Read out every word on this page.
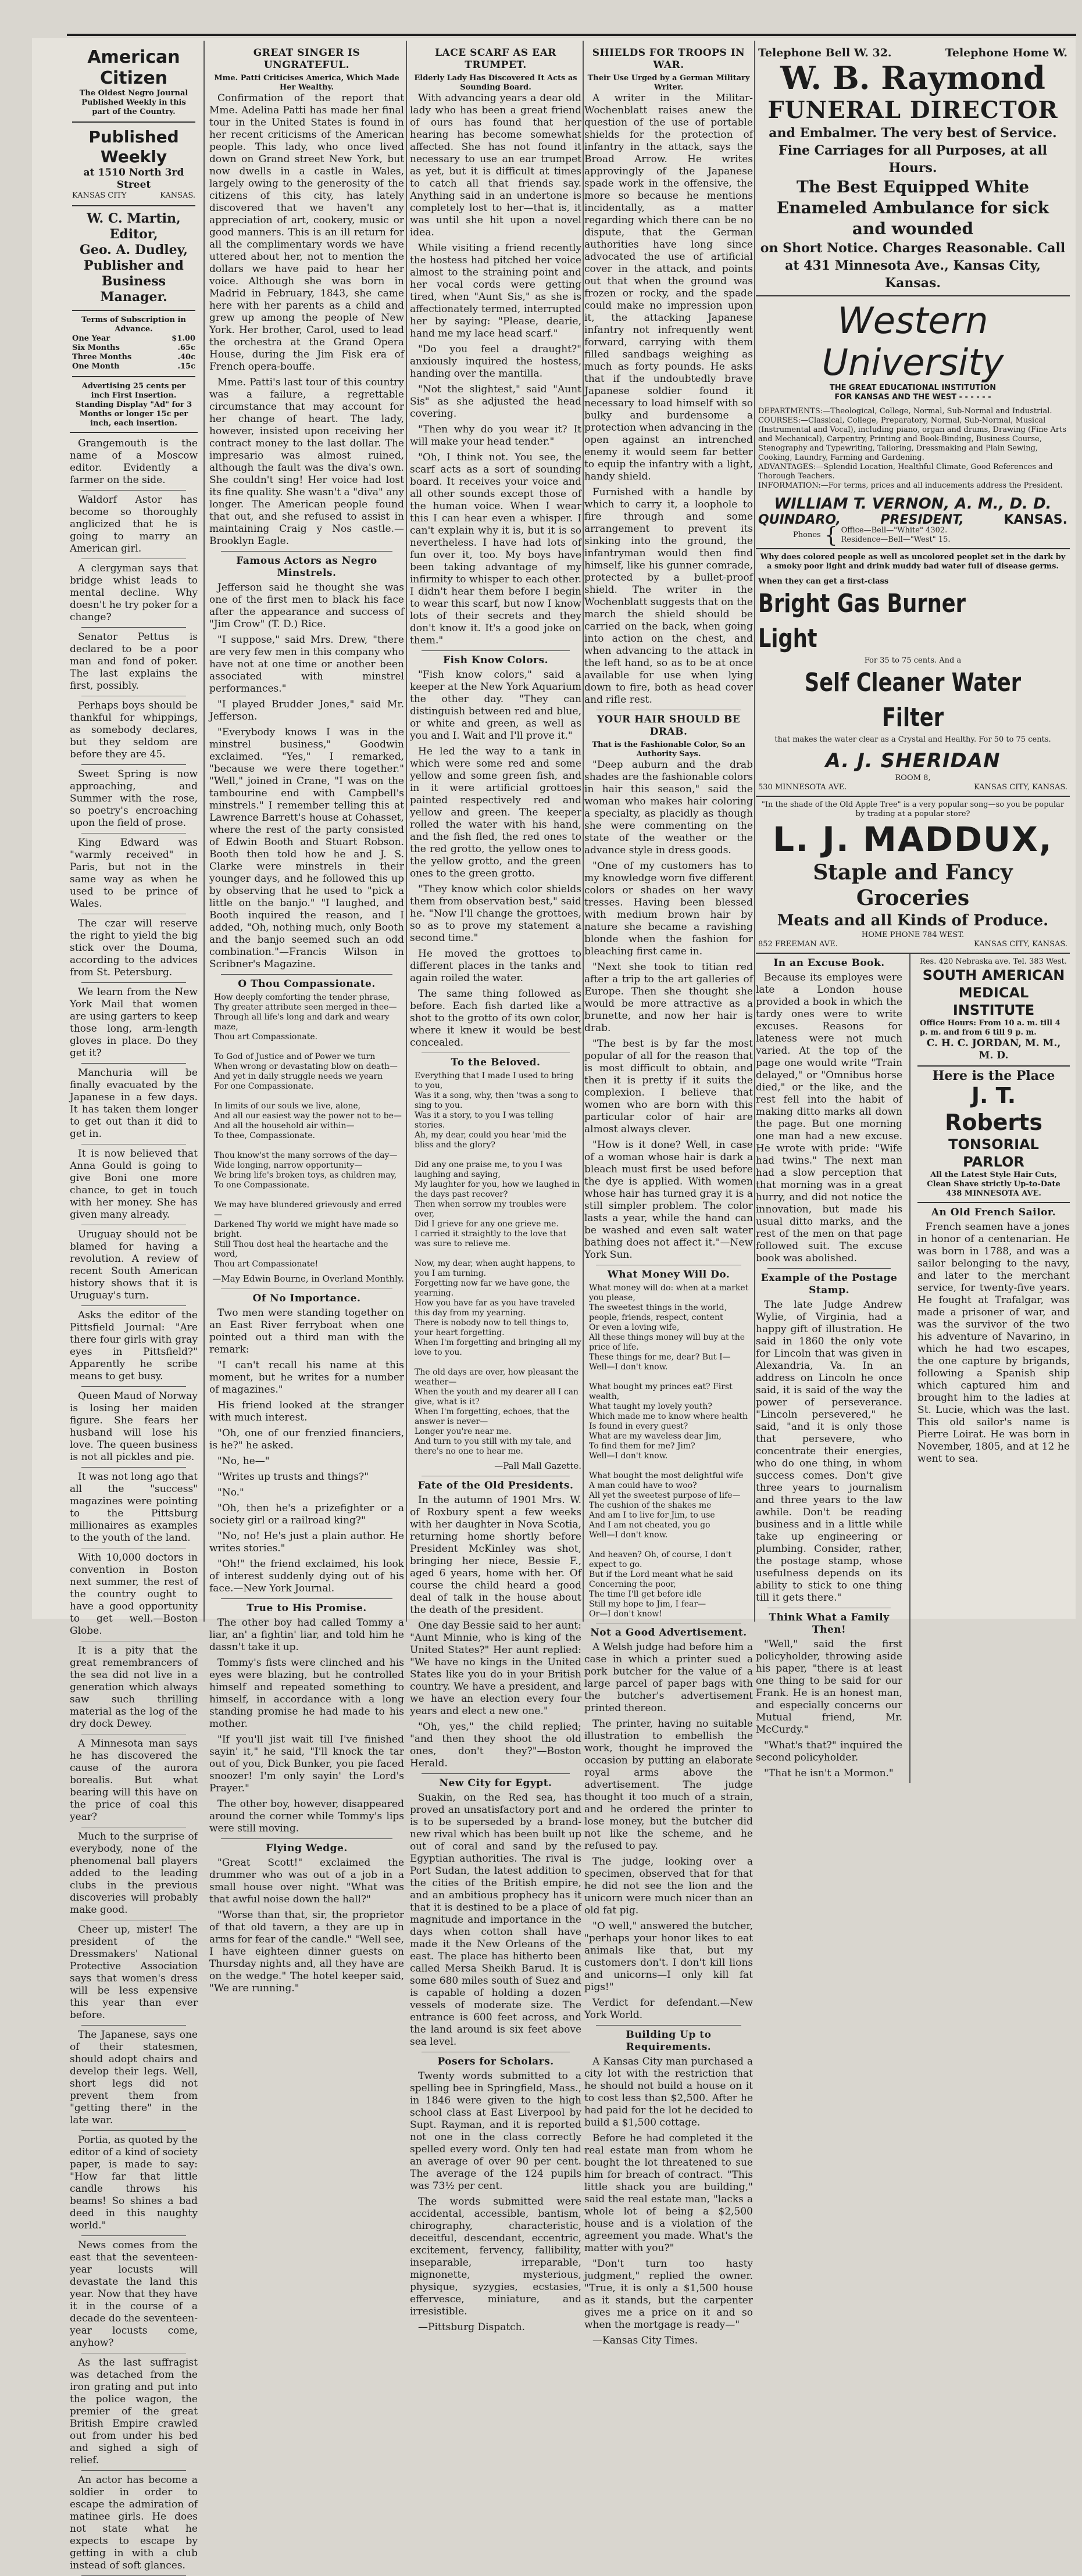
American Citizen
The Oldest Negro Journal Published Weekly in this part of the Country.
Published Weekly
at 1510 North 3rd Street
KANSAS CITY	KANSAS.
W. C. Martin, Editor,
Geo. A. Dudley, Publisher and Business Manager.
Terms of Subscription in Advance.
One Year	$1.00
Six Months	.65c
Three Months	.40c
One Month	.15c
Advertising 25 cents per inch First Insertion. Standing Display "Ad" for 3 Months or longer 15c per inch, each insertion.

Grangemouth is the name of a Moscow editor. Evidently a farmer on the side.

Waldorf Astor has become so thoroughly anglicized that he is going to marry an American girl.

A clergyman says that bridge whist leads to mental decline. Why doesn't he try poker for a change?

Senator Pettus is declared to be a poor man and fond of poker. The last explains the first, possibly.

Perhaps boys should be thankful for whippings, as somebody declares, but they seldom are before they are 45.

Sweet Spring is now approaching, and Summer with the rose, so poetry's encroaching upon the field of prose.

King Edward was "warmly received" in Paris, but not in the same way as when he used to be prince of Wales.

The czar will reserve the right to yield the big stick over the Douma, according to the advices from St. Petersburg.

We learn from the New York Mail that women are using garters to keep those long, arm-length gloves in place. Do they get it?

Manchuria will be finally evacuated by the Japanese in a few days. It has taken them longer to get out than it did to get in.

It is now believed that Anna Gould is going to give Boni one more chance, to get in touch with her money. She has given many already.

Uruguay should not be blamed for having a revolution. A review of recent South American history shows that it is Uruguay's turn.

Asks the editor of the Pittsfield Journal: "Are there four girls with gray eyes in Pittsfield?" Apparently he scribe means to get busy.

Queen Maud of Norway is losing her maiden figure. She fears her husband will lose his love. The queen business is not all pickles and pie.

It was not long ago that all the "success" magazines were pointing to the Pittsburg millionaires as examples to the youth of the land.

With 10,000 doctors in convention in Boston next summer, the rest of the country ought to have a good opportunity to get well.—Boston Globe.

It is a pity that the great remembrancers of the sea did not live in a generation which always saw such thrilling material as the log of the dry dock Dewey.

A Minnesota man says he has discovered the cause of the aurora borealis. But what bearing will this have on the price of coal this year?

Much to the surprise of everybody, none of the phenomenal ball players added to the leading clubs in the previous discoveries will probably make good.

Cheer up, mister! The president of the Dressmakers' National Protective Association says that women's dress will be less expensive this year than ever before.

The Japanese, says one of their statesmen, should adopt chairs and develop their legs. Well, short legs did not prevent them from "getting there" in the late war.

Portia, as quoted by the editor of a kind of society paper, is made to say: "How far that little candle throws his beams! So shines a bad deed in this naughty world."

News comes from the east that the seventeen-year locusts will devastate the land this year. Now that they have it in the course of a decade do the seventeen-year locusts come, anyhow?

As the last suffragist was detached from the iron grating and put into the police wagon, the premier of the great British Empire crawled out from under his bed and sighed a sigh of relief.

An actor has become a soldier in order to escape the admiration of matinee girls. He does not state what he expects to escape by getting in with a club instead of soft glances.

GREAT SINGER IS UNGRATEFUL.
Mme. Patti Criticises America, Which Made Her Wealthy.

Confirmation of the report that Mme. Adelina Patti has made her final tour in the United States is found in her recent criticisms of the American people. This lady, who once lived down on Grand street New York, but now dwells in a castle in Wales, largely owing to the generosity of the citizens of this city, has lately discovered that we haven't any appreciation of art, cookery, music or good manners. This is an ill return for all the complimentary words we have uttered about her, not to mention the dollars we have paid to hear her voice. Although she was born in Madrid in February, 1843, she came here with her parents as a child and grew up among the people of New York. Her brother, Carol, used to lead the orchestra at the Grand Opera House, during the Jim Fisk era of French opera-bouffe.

Mme. Patti's last tour of this country was a failure, a regrettable circumstance that may account for her change of heart. The lady, however, insisted upon receiving her contract money to the last dollar. The impresario was almost ruined, although the fault was the diva's own. She couldn't sing! Her voice had lost its fine quality. She wasn't a "diva" any longer. The American people found that out, and she refused to assist in maintaining Craig y Nos castle.—Brooklyn Eagle.

Famous Actors as Negro Minstrels.

Jefferson said he thought she was one of the first men to black his face after the appearance and success of "Jim Crow" (T. D.) Rice.

"I suppose," said Mrs. Drew, "there are very few men in this company who have not at one time or another been associated with minstrel performances."

"I played Brudder Jones," said Mr. Jefferson.

"Everybody knows I was in the minstrel business," Goodwin exclaimed. "Yes," I remarked, "because we were there together." "Well," joined in Crane, "I was on the tambourine end with Campbell's minstrels." I remember telling this at Lawrence Barrett's house at Cohasset, where the rest of the party consisted of Edwin Booth and Stuart Robson. Booth then told how he and J. S. Clarke were minstrels in their younger days, and he followed this up by observing that he used to "pick a little on the banjo." "I laughed, and Booth inquired the reason, and I added, "Oh, nothing much, only Booth and the banjo seemed such an odd combination."—Francis Wilson in Scribner's Magazine.

O Thou Compassionate.
How deeply comforting the tender phrase,
Thy greater attribute seen merged in thee—
Through all life's long and dark and weary maze,
Thou art Compassionate.

To God of Justice and of Power we turn
When wrong or devastating blow on death—
And yet in daily struggle needs we yearn
For one Compassionate.

In limits of our souls we live, alone,
And all our easiest way the power not to be—
And all the household air within—
To thee, Compassionate.

Thou know'st the many sorrows of the day—
Wide longing, narrow opportunity—
We bring life's broken toys, as children may,
To one Compassionate.

We may have blundered grievously and erred—
Darkened Thy world we might have made so bright.
Still Thou dost heal the heartache and the word,
Thou art Compassionate!
—May Edwin Bourne, in Overland Monthly.
Of No Importance.

Two men were standing together on an East River ferryboat when one pointed out a third man with the remark:

"I can't recall his name at this moment, but he writes for a number of magazines."

His friend looked at the stranger with much interest.

"Oh, one of our frenzied financiers, is he?" he asked.

"No, he—"

"Writes up trusts and things?"

"No."

"Oh, then he's a prizefighter or a society girl or a railroad king?"

"No, no! He's just a plain author. He writes stories."

"Oh!" the friend exclaimed, his look of interest suddenly dying out of his face.—New York Journal.

True to His Promise.

The other boy had called Tommy a liar, an' a fightin' liar, and told him he dassn't take it up.

Tommy's fists were clinched and his eyes were blazing, but he controlled himself and repeated something to himself, in accordance with a long standing promise he had made to his mother.

"If you'll jist wait till I've finished sayin' it," he said, "I'll knock the tar out of you, Dick Bunker, you pie faced snoozer! I'm only sayin' the Lord's Prayer."

The other boy, however, disappeared around the corner while Tommy's lips were still moving.

Flying Wedge.

"Great Scott!" exclaimed the drummer who was out of a job in a small house over night. "What was that awful noise down the hall?"

"Worse than that, sir, the proprietor of that old tavern, a they are up in arms for fear of the candle." "Well see, I have eighteen dinner guests on Thursday nights and, all they have are on the wedge." The hotel keeper said, "We are running."

LACE SCARF AS EAR TRUMPET.
Elderly Lady Has Discovered It Acts as Sounding Board.

With advancing years a dear old lady who has been a great friend of ours has found that her hearing has become somewhat affected. She has not found it necessary to use an ear trumpet as yet, but it is difficult at times to catch all that friends say. Anything said in an undertone is completely lost to her—that is, it was until she hit upon a novel idea.

While visiting a friend recently the hostess had pitched her voice almost to the straining point and her vocal cords were getting tired, when "Aunt Sis," as she is affectionately termed, interrupted her by saying: "Please, dearie, hand me my lace head scarf."

"Do you feel a draught?" anxiously inquired the hostess, handing over the mantilla.

"Not the slightest," said "Aunt Sis" as she adjusted the head covering.

"Then why do you wear it? It will make your head tender."

"Oh, I think not. You see, the scarf acts as a sort of sounding board. It receives your voice and all other sounds except those of the human voice. When I wear this I can hear even a whisper. I can't explain why it is, but it is so nevertheless. I have had lots of fun over it, too. My boys have been taking advantage of my infirmity to whisper to each other. I didn't hear them before I begin to wear this scarf, but now I know lots of their secrets and they don't know it. It's a good joke on them."

Fish Know Colors.

"Fish know colors," said a keeper at the New York Aquarium the other day. "They can distinguish between red and blue, or white and green, as well as you and I. Wait and I'll prove it."

He led the way to a tank in which were some red and some yellow and some green fish, and in it were artificial grottoes painted respectively red and yellow and green. The keeper rolled the water with his hand, and the fish fled, the red ones to the red grotto, the yellow ones to the yellow grotto, and the green ones to the green grotto.

"They know which color shields them from observation best," said he. "Now I'll change the grottoes, so as to prove my statement a second time."

He moved the grottoes to different places in the tanks and again roiled the water.

The same thing followed as before. Each fish darted like a shot to the grotto of its own color, where it knew it would be best concealed.

To the Beloved.
Everything that I made I used to bring to you,
Was it a song, why, then 'twas a song to sing to you.
Was it a story, to you I was telling stories.
Ah, my dear, could you hear 'mid the bliss and the glory?

Did any one praise me, to you I was laughing and saying,
My laughter for you, how we laughed in the days past recover?
Then when sorrow my troubles were over,
Did I grieve for any one grieve me.
I carried it straightly to the love that was sure to relieve me.

Now, my dear, when aught happens, to you I am turning.
Forgetting now far we have gone, the yearning.
How you have far as you have traveled this day from my yearning.
There is nobody now to tell things to, your heart forgetting.
When I'm forgetting and bringing all my love to you.

The old days are over, how pleasant the weather—
When the youth and my dearer all I can give, what is it?
When I'm forgetting, echoes, that the answer is never—
Longer you're near me.
And turn to you still with my tale, and there's no one to hear me.
—Pall Mall Gazette.
Fate of the Old Presidents.

In the autumn of 1901 Mrs. W. of Roxbury spent a few weeks with her daughter in Nova Scotia, returning home shortly before President McKinley was shot, bringing her niece, Bessie F., aged 6 years, home with her. Of course the child heard a good deal of talk in the house about the death of the president.

One day Bessie said to her aunt: "Aunt Minnie, who is king of the United States?" Her aunt replied: "We have no kings in the United States like you do in your British country. We have a president, and we have an election every four years and elect a new one."

"Oh, yes," the child replied; "and then they shoot the old ones, don't they?"—Boston Herald.

New City for Egypt.

Suakin, on the Red sea, has proved an unsatisfactory port and is to be superseded by a brand-new rival which has been built up out of coral and sand by the Egyptian authorities. The rival is Port Sudan, the latest addition to the cities of the British empire, and an ambitious prophecy has it that it is destined to be a place of magnitude and importance in the days when cotton shall have made it the New Orleans of the east. The place has hitherto been called Mersa Sheikh Barud. It is some 680 miles south of Suez and is capable of holding a dozen vessels of moderate size. The entrance is 600 feet across, and the land around is six feet above sea level.

Posers for Scholars.

Twenty words submitted to a spelling bee in Springfield, Mass., in 1846 were given to the high school class at East Liverpool by Supt. Rayman, and it is reported not one in the class correctly spelled every word. Only ten had an average of over 90 per cent. The average of the 124 pupils was 73½ per cent.

The words submitted were accidental, accessible, bantism, chirography, characteristic, deceitful, descendant, eccentric, excitement, fervency, fallibility, inseparable, irreparable, mignonette, mysterious, physique, syzygies, ecstasies, effervesce, miniature, and irresistible.

—Pittsburg Dispatch.

SHIELDS FOR TROOPS IN WAR.
Their Use Urged by a German Military Writer.

A writer in the Militar-Wochenblatt raises anew the question of the use of portable shields for the protection of infantry in the attack, says the Broad Arrow. He writes approvingly of the Japanese spade work in the offensive, the more so because he mentions incidentally, as a matter regarding which there can be no dispute, that the German authorities have long since advocated the use of artificial cover in the attack, and points out that when the ground was frozen or rocky, and the spade could make no impression upon it, the attacking Japanese infantry not infrequently went forward, carrying with them filled sandbags weighing as much as forty pounds. He asks that if the undoubtedly brave Japanese soldier found it necessary to load himself with so bulky and burdensome a protection when advancing in the open against an intrenched enemy it would seem far better to equip the infantry with a light, handy shield.

Furnished with a handle by which to carry it, a loophole to fire through and some arrangement to prevent its sinking into the ground, the infantryman would then find himself, like his gunner comrade, protected by a bullet-proof shield. The writer in the Wochenblatt suggests that on the march the shield should be carried on the back, when going into action on the chest, and when advancing to the attack in the left hand, so as to be at once available for use when lying down to fire, both as head cover and rifle rest.

YOUR HAIR SHOULD BE DRAB.
That is the Fashionable Color, So an Authority Says.

"Deep auburn and the drab shades are the fashionable colors in hair this season," said the woman who makes hair coloring a specialty, as placidly as though she were commenting on the state of the weather or the advance style in dress goods.

"One of my customers has to my knowledge worn five different colors or shades on her wavy tresses. Having been blessed with medium brown hair by nature she became a ravishing blonde when the fashion for bleaching first came in.

"Next she took to titian red after a trip to the art galleries of Europe. Then she thought she would be more attractive as a brunette, and now her hair is drab.

"The best is by far the most popular of all for the reason that is most difficult to obtain, and then it is pretty if it suits the complexion. I believe that women who are born with this particular color of hair are almost always clever.

"How is it done? Well, in case of a woman whose hair is dark a bleach must first be used before the dye is applied. With women whose hair has turned gray it is a still simpler problem. The color lasts a year, while the hand can be washed and even salt water bathing does not affect it."—New York Sun.

What Money Will Do.
What money will do: when at a market you please,
The sweetest things in the world, people, friends, respect, content
Or even a loving wife,
All these things money will buy at the price of life.
These things for me, dear? But I—
Well—I don't know.

What bought my princes eat? First wealth,
What taught my lovely youth?
Which made me to know where health
Is found in every guest?
What are my waveless dear Jim,
To find them for me? Jim?
Well—I don't know.

What bought the most delightful wife
A man could have to woo?
All yet the sweetest purpose of life—
The cushion of the shakes me
And am I to live for Jim, to use
And I am not cheated, you go
Well—I don't know.

And heaven? Oh, of course, I don't expect to go.
But if the Lord meant what he said
Concerning the poor,
The time I'll get before idle
Still my hope to Jim, I fear—
Or—I don't know!
Not a Good Advertisement.

A Welsh judge had before him a case in which a printer sued a pork butcher for the value of a large parcel of paper bags with the butcher's advertisement printed thereon.

The printer, having no suitable illustration to embellish the work, thought he improved the occasion by putting an elaborate royal arms above the advertisement. The judge thought it too much of a strain, and he ordered the printer to lose money, but the butcher did not like the scheme, and he refused to pay.

The judge, looking over a specimen, observed that for that he did not see the lion and the unicorn were much nicer than an old fat pig.

"O well," answered the butcher, "perhaps your honor likes to eat animals like that, but my customers don't. I don't kill lions and unicorns—I only kill fat pigs!"

Verdict for defendant.—New York World.

Building Up to Requirements.

A Kansas City man purchased a city lot with the restriction that he should not build a house on it to cost less than $2,500. After he had paid for the lot he decided to build a $1,500 cottage.

Before he had completed it the real estate man from whom he bought the lot threatened to sue him for breach of contract. "This little shack you are building," said the real estate man, "lacks a whole lot of being a $2,500 house and is a violation of the agreement you made. What's the matter with you?"

"Don't turn too hasty judgment," replied the owner. "True, it is only a $1,500 house as it stands, but the carpenter gives me a price on it and so when the mortgage is ready—"

—Kansas City Times.

Telephone Bell W. 32.	Telephone Home W.
W. B. Raymond
FUNERAL DIRECTOR
and Embalmer. The very best of Service. Fine Carriages for all Purposes, at all Hours.
The Best Equipped White Enameled Ambulance for sick and wounded
on Short Notice. Charges Reasonable. Call at 431 Minnesota Ave., Kansas City, Kansas.
Western University
THE GREAT EDUCATIONAL INSTITUTION
FOR KANSAS AND THE WEST - - - - - -
DEPARTMENTS:—Theological, College, Normal, Sub-Normal and Industrial.
COURSES:—Classical, College, Preparatory, Normal, Sub-Normal, Musical (Instrumental and Vocal), including piano, organ and drums, Drawing (Fine Arts and Mechanical), Carpentry, Printing and Book-Binding, Business Course, Stenography and Typewriting, Tailoring, Dressmaking and Plain Sewing, Cooking, Laundry, Farming and Gardening.
ADVANTAGES:—Splendid Location, Healthful Climate, Good References and Thorough Teachers.
INFORMATION:—For terms, prices and all inducements address the President.
WILLIAM T. VERNON, A. M., D. D.
QUINDARO,	PRESIDENT,	KANSAS.
Phones { Office—Bell—"White" 4302.
Residence—Bell—"West" 15.
Why does colored people as well as uncolored peoplet set in the dark by a smoky poor light and drink muddy bad water full of disease germs.
When they can get a first-class
Bright Gas Burner Light
For 35 to 75 cents. And a
Self Cleaner Water Filter
that makes the water clear as a Crystal and Healthy. For 50 to 75 cents.
A. J. SHERIDAN
ROOM 8,
530 MINNESOTA AVE.	KANSAS CITY, KANSAS.
"In the shade of the Old Apple Tree" is a very popular song—so you be popular by trading at a popular store?
L. J. MADDUX,
Staple and Fancy Groceries
Meats and all Kinds of Produce.
HOME PHONE 784 WEST.
852 FREEMAN AVE.	KANSAS CITY, KANSAS.
In an Excuse Book.

Because its employes were late a London house provided a book in which the tardy ones were to write excuses. Reasons for lateness were not much varied. At the top of the page one would write "Train delayed," or "Omnibus horse died," or the like, and the rest fell into the habit of making ditto marks all down the page. But one morning one man had a new excuse. He wrote with pride: "Wife had twins." The next man had a slow perception that that morning was in a great hurry, and did not notice the innovation, but made his usual ditto marks, and the rest of the men on that page followed suit. The excuse book was abolished.

Example of the Postage Stamp.

The late Judge Andrew Wylie, of Virginia, had a happy gift of illustration. He said in 1860 the only vote for Lincoln that was given in Alexandria, Va. In an address on Lincoln he once said, it is said of the way the power of perseverance. "Lincoln persevered," he said, "and it is only those that persevere, who concentrate their energies, who do one thing, in whom success comes. Don't give three years to journalism and three years to the law awhile. Don't be reading business and in a little while take up engineering or plumbing. Consider, rather, the postage stamp, whose usefulness depends on its ability to stick to one thing till it gets there."

Think What a Family Then!

"Well," said the first policyholder, throwing aside his paper, "there is at least one thing to be said for our Frank. He is an honest man, and especially concerns our Mutual friend, Mr. McCurdy."

"What's that?" inquired the second policyholder.

"That he isn't a Mormon."

Res. 420 Nebraska ave. Tel. 383 West.
SOUTH AMERICAN
MEDICAL INSTITUTE
Office Hours: From 10 a. m. till 4 p. m. and from 6 till 9 p. m.
C. H. C. JORDAN, M. M., M. D.
Here is the Place
J. T. Roberts
TONSORIAL PARLOR
All the Latest Style Hair Cuts, Clean Shave strictly Up-to-Date
438 MINNESOTA AVE.
An Old French Sailor.

French seamen have a jones in honor of a centenarian. He was born in 1788, and was a sailor belonging to the navy, and later to the merchant service, for twenty-five years. He fought at Trafalgar, was made a prisoner of war, and was the survivor of the two his adventure of Navarino, in which he had two escapes, the one capture by brigands, following a Spanish ship which captured him and brought him to the ladies at St. Lucie, which was the last. This old sailor's name is Pierre Loirat. He was born in November, 1805, and at 12 he went to sea.
